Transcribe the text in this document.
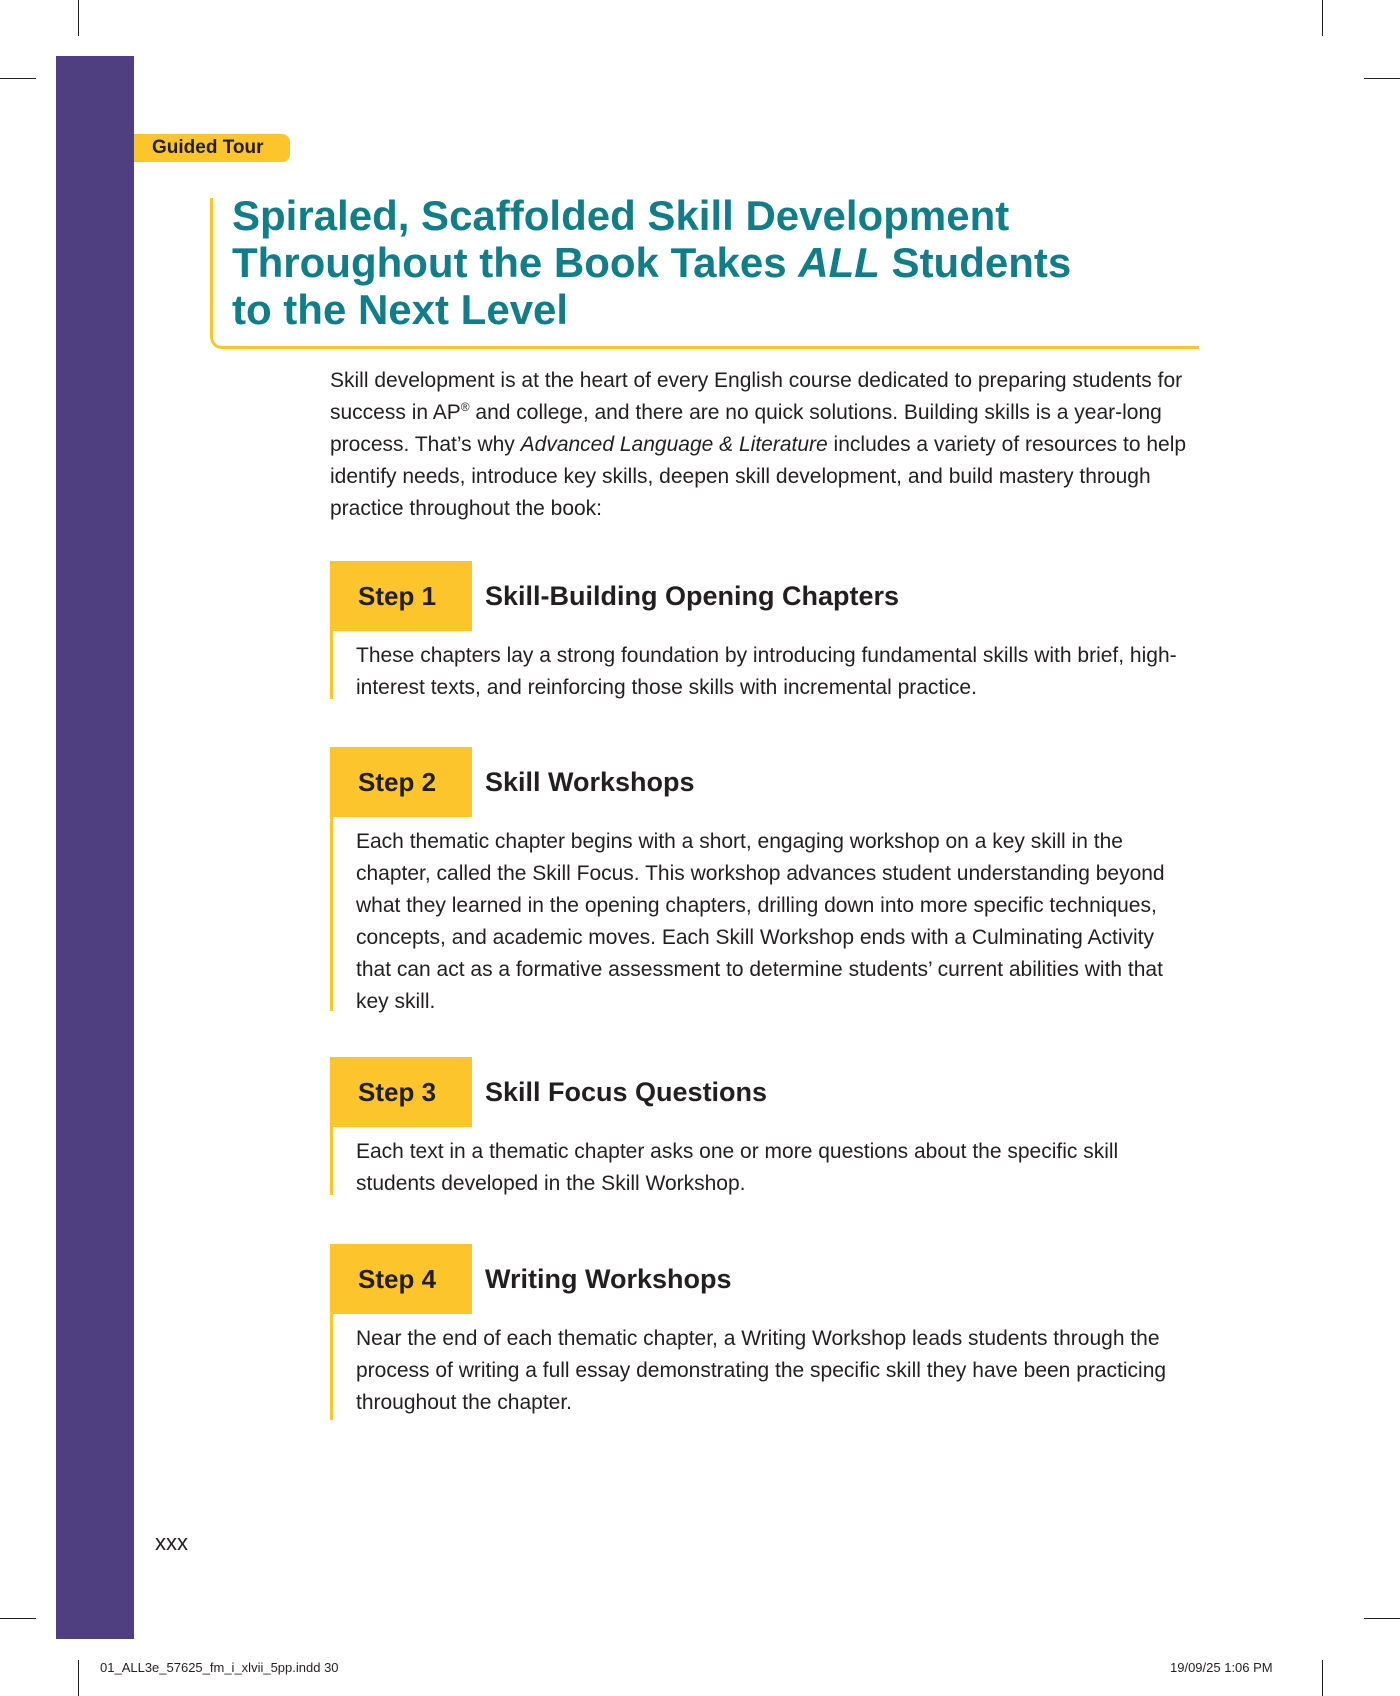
Guided Tour
Spiraled, Scaffolded Skill Development
Throughout the Book Takes ALL Students
to the Next Level

Skill development is at the heart of every English course dedicated to preparing students for success in AP® and college, and there are no quick solutions. Building skills is a year-long process. That’s why Advanced Language & Literature includes a variety of resources to help identify needs, introduce key skills, deepen skill development, and build mastery through practice throughout the book:

Step 1	Skill-Building Opening Chapters

These chapters lay a strong foundation by introducing fundamental skills with brief, high-interest texts, and reinforcing those skills with incremental practice.

Step 2	Skill Workshops

Each thematic chapter begins with a short, engaging workshop on a key skill in the chapter, called the Skill Focus. This workshop advances student understanding beyond what they learned in the opening chapters, drilling down into more specific techniques, concepts, and academic moves. Each Skill Workshop ends with a Culminating Activity that can act as a formative assessment to determine students’ current abilities with that key skill.

Step 3	Skill Focus Questions

Each text in a thematic chapter asks one or more questions about the specific skill students developed in the Skill Workshop.

Step 4	Writing Workshops

Near the end of each thematic chapter, a Writing Workshop leads students through the process of writing a full essay demonstrating the specific skill they have been practicing throughout the chapter.

xxx
01_ALL3e_57625_fm_i_xlvii_5pp.indd 30	19/09/25 1:06 PM
